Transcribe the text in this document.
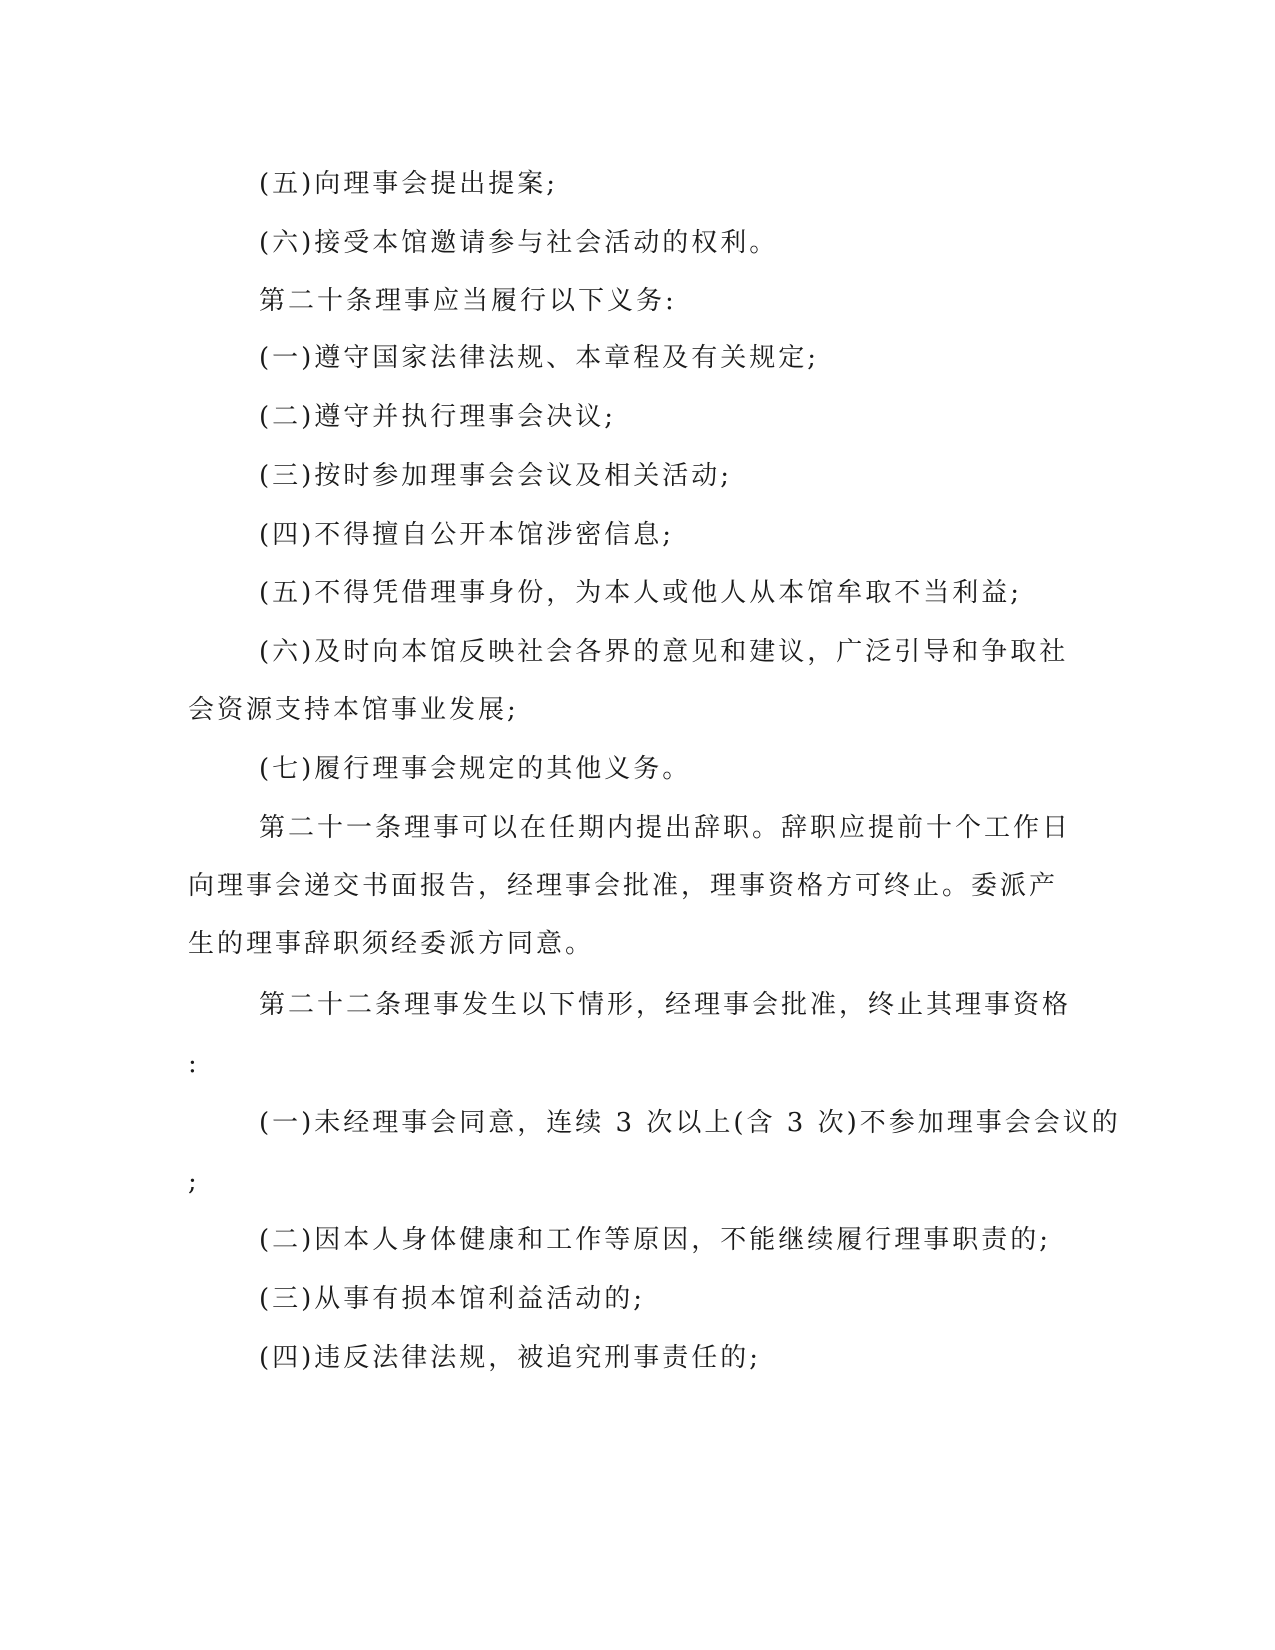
(五)向理事会提出提案;
(六)接受本馆邀请参与社会活动的权利。
第二十条理事应当履行以下义务:
(一)遵守国家法律法规、本章程及有关规定;
(二)遵守并执行理事会决议;
(三)按时参加理事会会议及相关活动;
(四)不得擅自公开本馆涉密信息;
(五)不得凭借理事身份，为本人或他人从本馆牟取不当利益;
(六)及时向本馆反映社会各界的意见和建议，广泛引导和争取社
会资源支持本馆事业发展;
(七)履行理事会规定的其他义务。
第二十一条理事可以在任期内提出辞职。辞职应提前十个工作日
向理事会递交书面报告，经理事会批准，理事资格方可终止。委派产
生的理事辞职须经委派方同意。
第二十二条理事发生以下情形，经理事会批准，终止其理事资格
:
(一)未经理事会同意，连续 3 次以上(含 3 次)不参加理事会会议的
;
(二)因本人身体健康和工作等原因，不能继续履行理事职责的;
(三)从事有损本馆利益活动的;
(四)违反法律法规，被追究刑事责任的;
